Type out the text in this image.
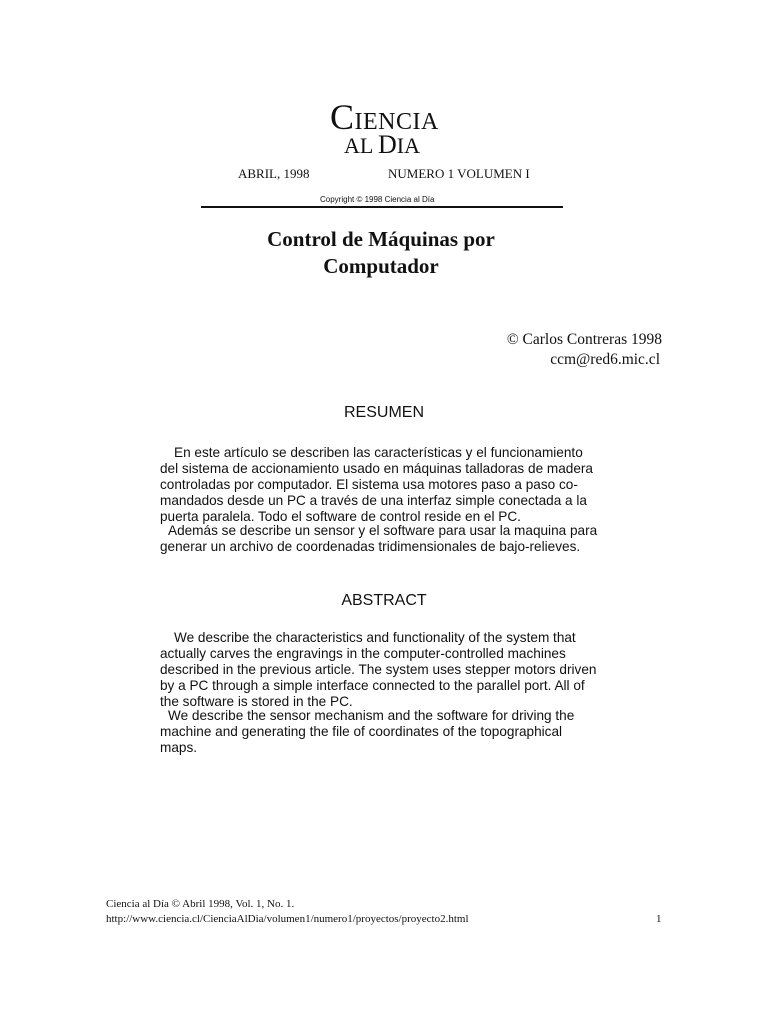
CIENCIA
AL DIA
ABRIL, 1998	NUMERO 1 VOLUMEN I
Copyright © 1998 Ciencia al Día
Control de Máquinas por
Computador
© Carlos Contreras 1998
ccm@red6.mic.cl
RESUMEN
En este artículo se describen las características y el funcionamiento
del sistema de accionamiento usado en máquinas talladoras de madera
controladas por computador. El sistema usa motores paso a paso co-
mandados desde un PC a través de una interfaz simple conectada a la
puerta paralela. Todo el software de control reside en el PC.
Además se describe un sensor y el software para usar la maquina para
generar un archivo de coordenadas tridimensionales de bajo-relieves.
ABSTRACT
We describe the characteristics and functionality of the system that
actually carves the engravings in the computer-controlled machines
described in the previous article. The system uses stepper motors driven
by a PC through a simple interface connected to the parallel port. All of
the software is stored in the PC.
We describe the sensor mechanism and the software for driving the
machine and generating the file of coordinates of the topographical
maps.
Ciencia al Día © Abril 1998, Vol. 1, No. 1.
http://www.ciencia.cl/CienciaAlDia/volumen1/numero1/proyectos/proyecto2.html	1
